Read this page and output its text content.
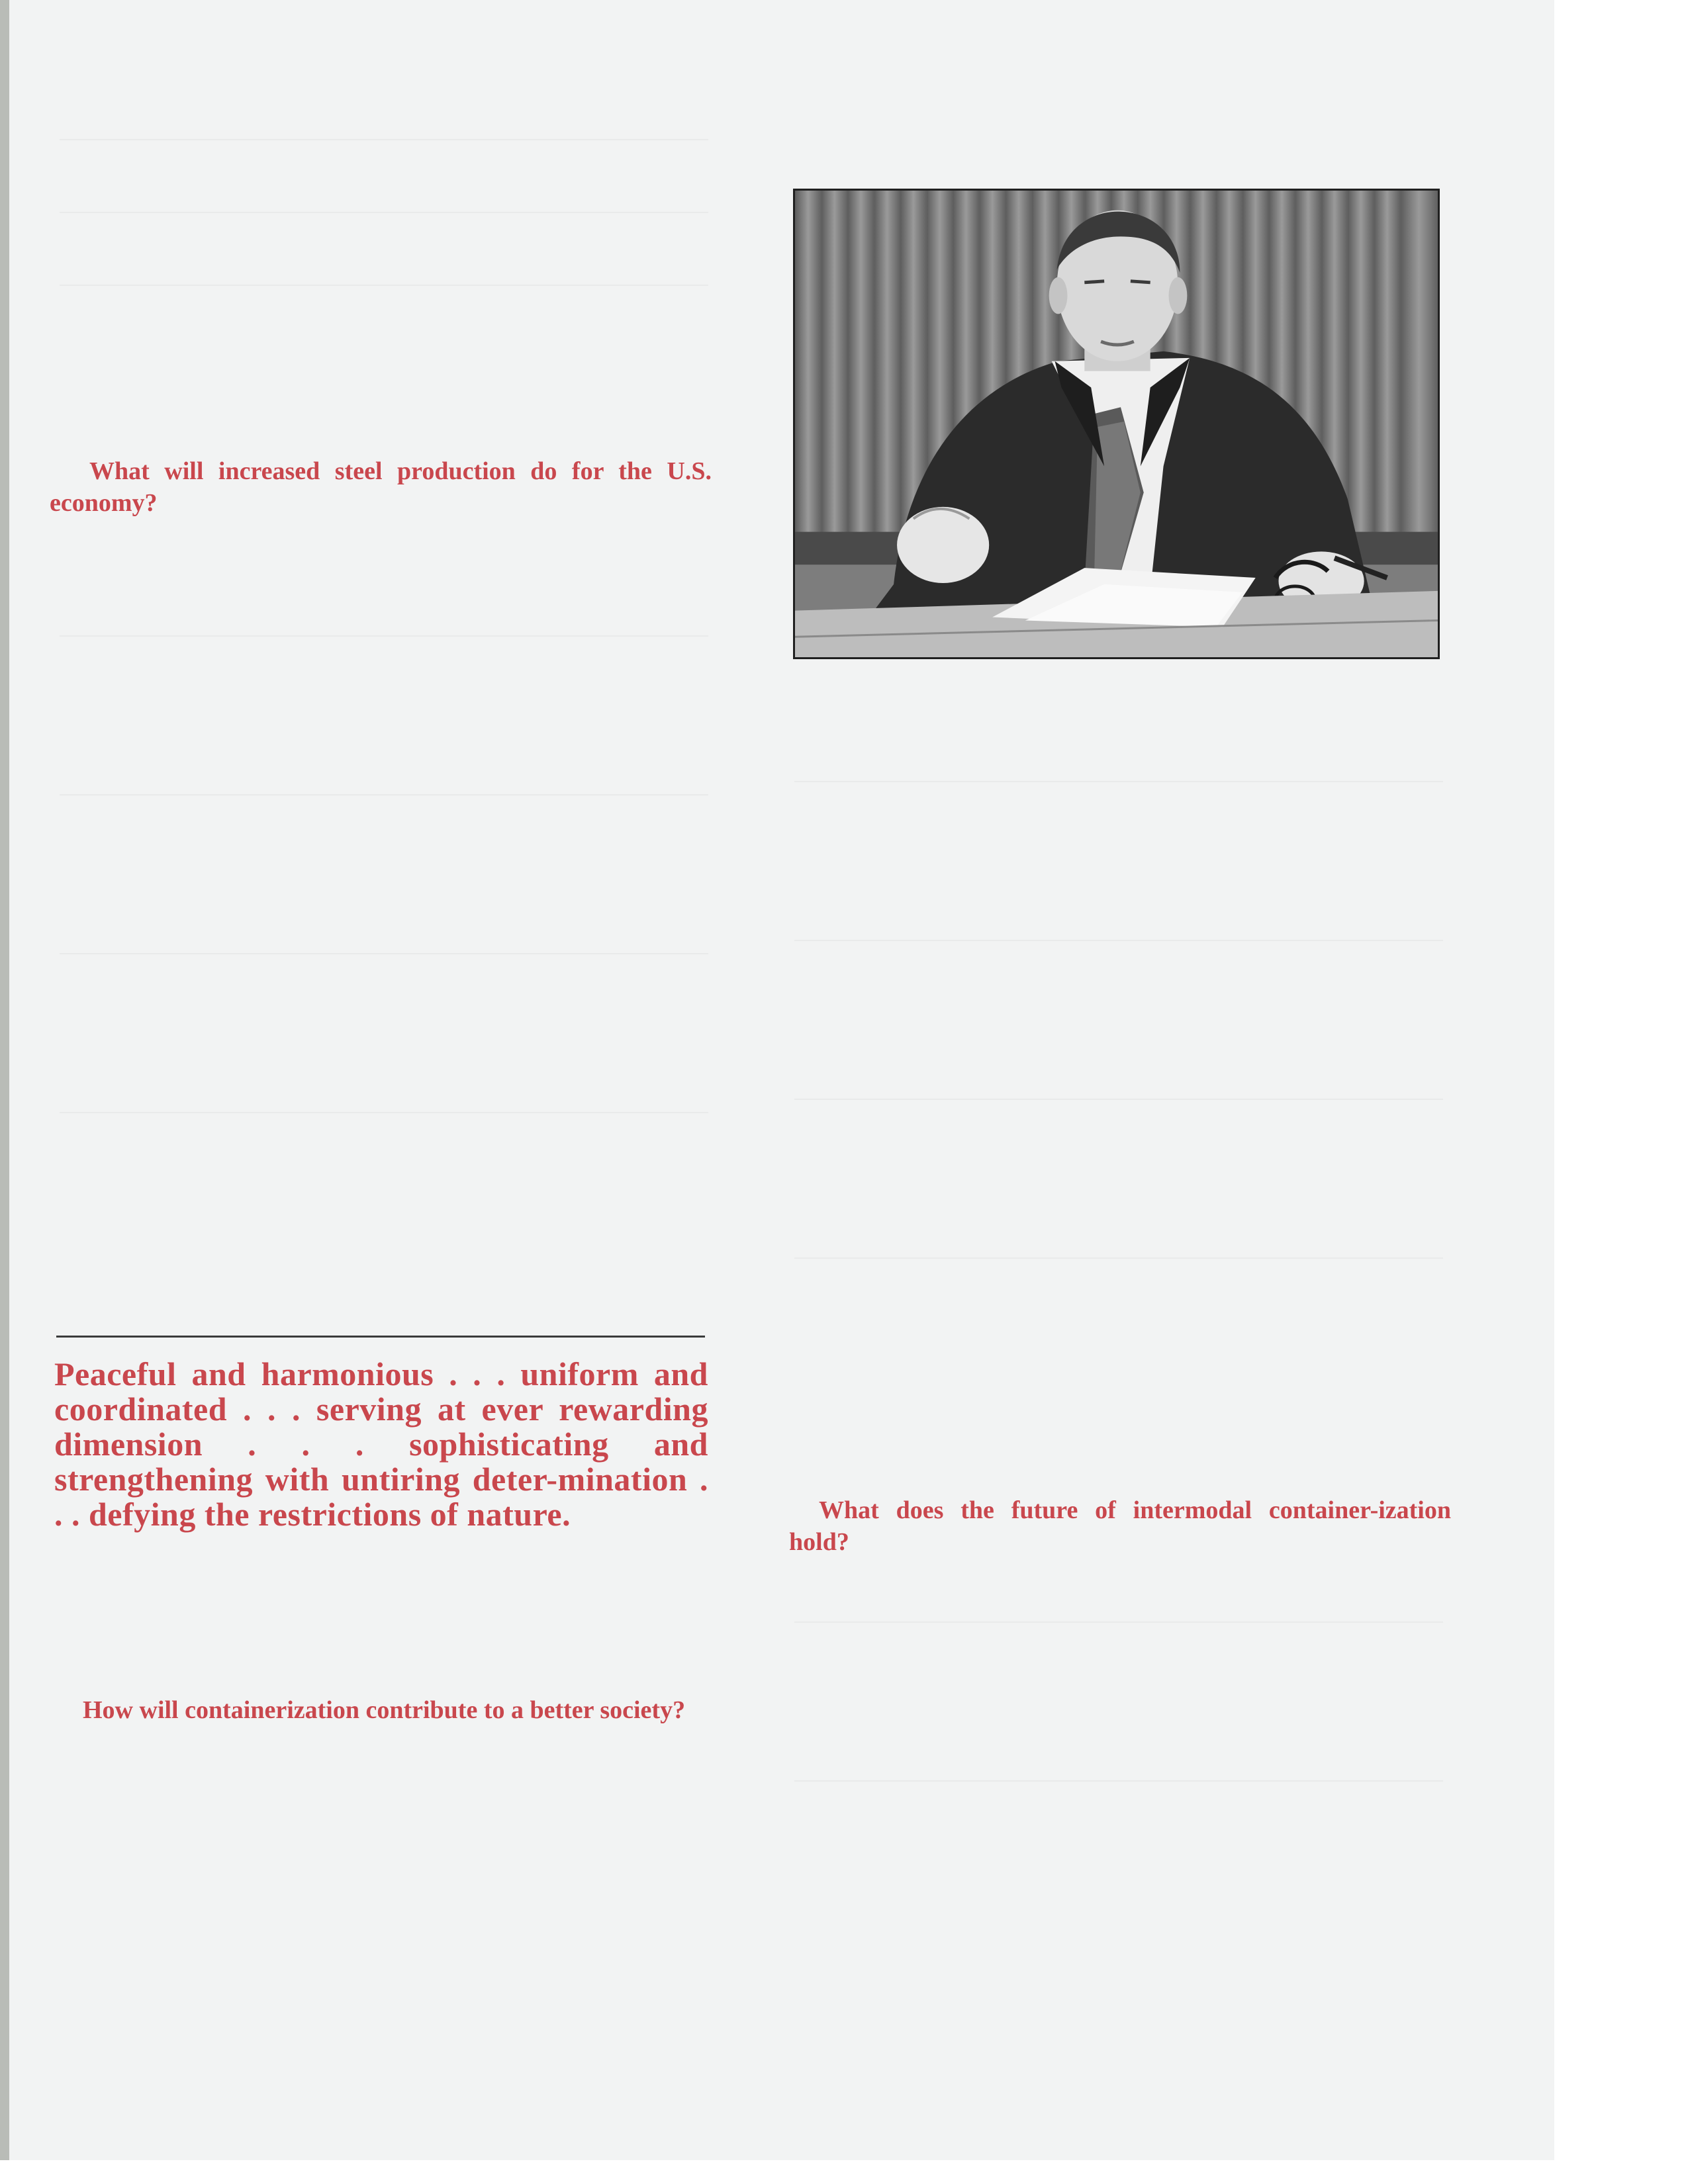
What will increased steel production do for the U.S. economy?

Peaceful and harmonious . . . uniform and coordinated . . . serving at ever rewarding dimension . . . sophisticating and strengthening with untiring deter-mination . . . defying the restrictions of nature.	What does the future of intermodal container-ization hold?

How will containerization contribute to a better society?
